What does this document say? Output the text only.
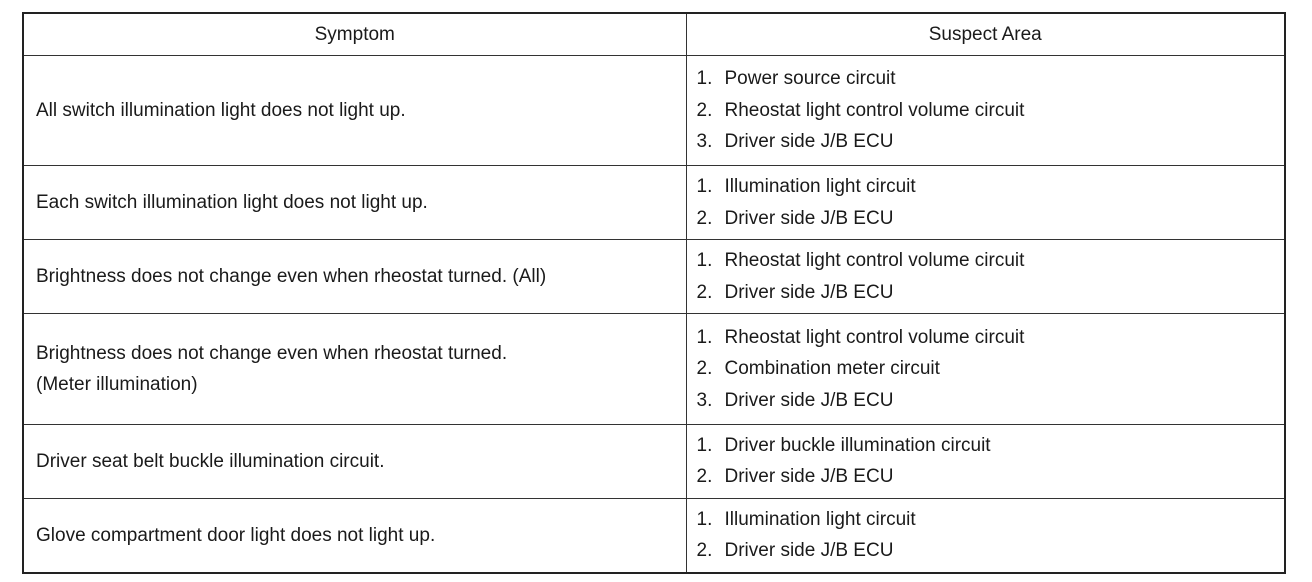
Symptom	Suspect Area

All switch illumination light does not light up.	1. Power source circuit
2. Rheostat light control volume circuit
3. Driver side J/B ECU

Each switch illumination light does not light up.	1. Illumination light circuit
2. Driver side J/B ECU

Brightness does not change even when rheostat turned. (All)	1. Rheostat light control volume circuit
2. Driver side J/B ECU

Brightness does not change even when rheostat turned.
(Meter illumination)	1. Rheostat light control volume circuit
2. Combination meter circuit
3. Driver side J/B ECU

Driver seat belt buckle illumination circuit.	1. Driver buckle illumination circuit
2. Driver side J/B ECU

Glove compartment door light does not light up.	1. Illumination light circuit
2. Driver side J/B ECU
